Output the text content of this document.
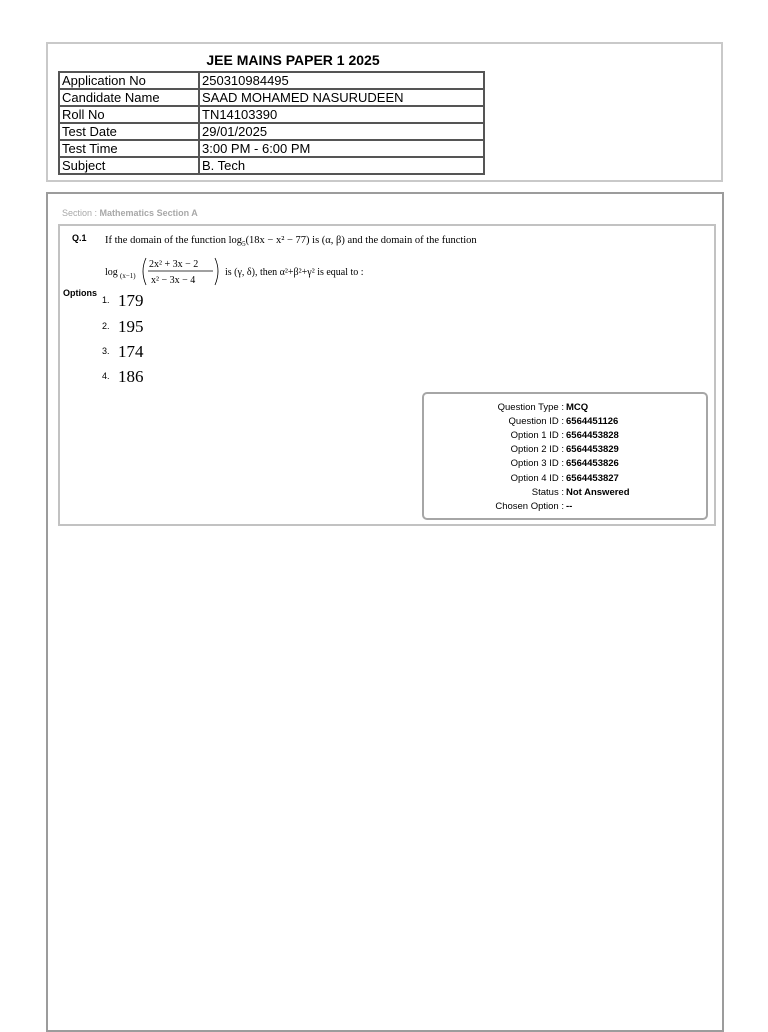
JEE MAINS PAPER 1 2025
Application No	250310984495
Candidate Name	SAAD MOHAMED NASURUDEEN
Roll No	TN14103390
Test Date	29/01/2025
Test Time	3:00 PM - 6:00 PM
Subject	B. Tech
Section : Mathematics Section A
Q.1 If the domain of the function $\log_5(18x - x^2 - 77)$ is (α, β) and the domain of the function
log (x−1)
2x² + 3x − 2
x² − 3x − 4
is (γ, δ), then α²+β²+γ² is equal to :
Options
1. 179
2. 195
3. 174
4. 186
Question Type : MCQ
Question ID : 6564451126
Option 1 ID : 6564453828
Option 2 ID : 6564453829
Option 3 ID : 6564453826
Option 4 ID : 6564453827
Status : Not Answered
Chosen Option : --
